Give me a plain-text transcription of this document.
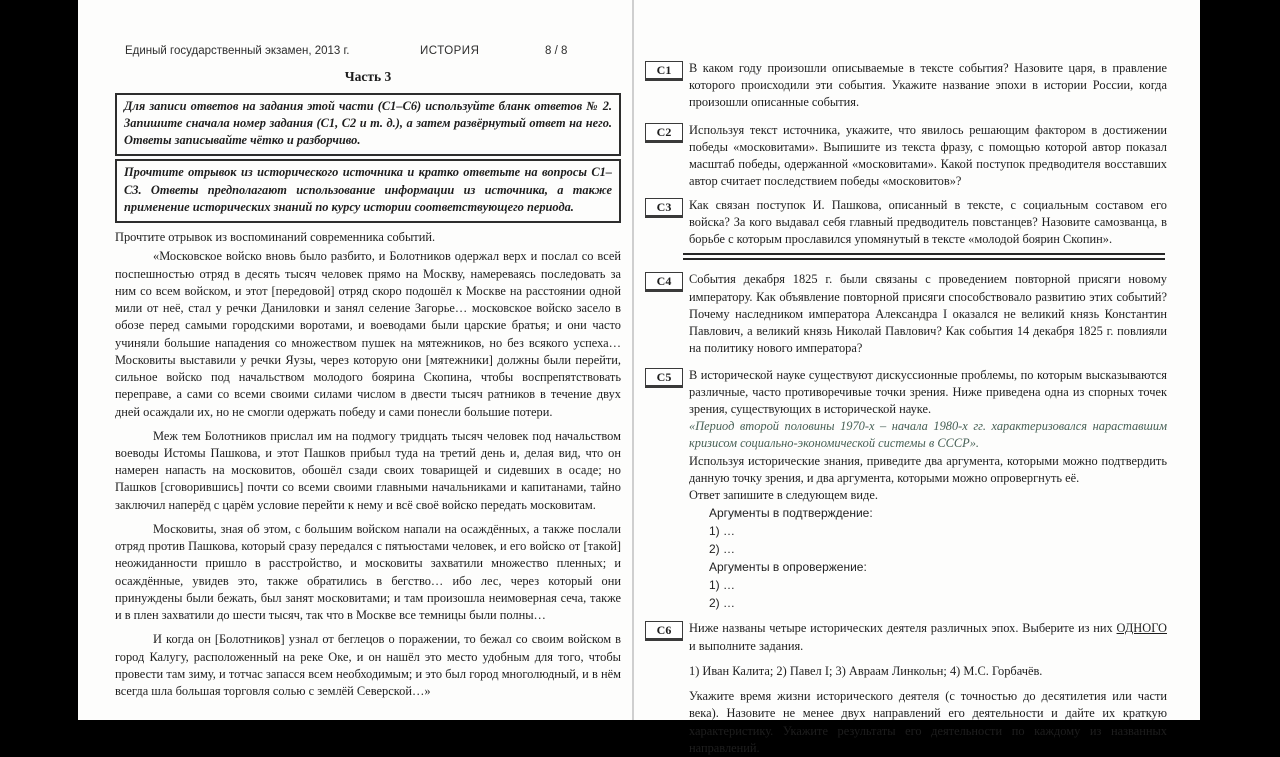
Единый государственный экзамен, 2013 г.	ИСТОРИЯ	8 / 8
Часть 3
Для записи ответов на задания этой части (C1–C6) используйте бланк ответов № 2. Запишите сначала номер задания (C1, C2 и т. д.), а затем развёрнутый ответ на него. Ответы записывайте чётко и разборчиво.
Прочтите отрывок из исторического источника и кратко ответьте на вопросы C1–C3. Ответы предполагают использование информации из источника, а также применение исторических знаний по курсу истории соответствующего периода.

Прочтите отрывок из воспоминаний современника событий.

«Московское войско вновь было разбито, и Болотников одержал верх и послал со всей поспешностью отряд в десять тысяч человек прямо на Москву, намереваясь последовать за ним со всем войском, и этот [передовой] отряд скоро подошёл к Москве на расстоянии одной мили от неё, стал у речки Даниловки и занял селение Загорье… московское войско засело в обозе перед самыми городскими воротами, и воеводами были царские братья; и они часто учиняли большие нападения со множеством пушек на мятежников, но без всякого успеха… Московиты выставили у речки Яузы, через которую они [мятежники] должны были перейти, сильное войско под начальством молодого боярина Скопина, чтобы воспрепятствовать переправе, а сами со всеми своими силами числом в двести тысяч ратников в течение двух дней осаждали их, но не смогли одержать победу и сами понесли большие потери.

Меж тем Болотников прислал им на подмогу тридцать тысяч человек под начальством воеводы Истомы Пашкова, и этот Пашков прибыл туда на третий день и, делая вид, что он намерен напасть на московитов, обошёл сзади своих товарищей и сидевших в осаде; но Пашков [сговорившись] почти со всеми своими главными начальниками и капитанами, тайно заключил наперёд с царём условие перейти к нему и всё своё войско передать московитам.

Московиты, зная об этом, с большим войском напали на осаждённых, а также послали отряд против Пашкова, который сразу передался с пятьюстами человек, и его войско от [такой] неожиданности пришло в расстройство, и московиты захватили множество пленных; и осаждённые, увидев это, также обратились в бегство… ибо лес, через который они принуждены были бежать, был занят московитами; и там произошла неимоверная сеча, также и в плен захватили до шести тысяч, так что в Москве все темницы были полны…

И когда он [Болотников] узнал от беглецов о поражении, то бежал со своим войском в город Калугу, расположенный на реке Оке, и он нашёл это место удобным для того, чтобы провести там зиму, и тотчас запасся всем необходимым; и это был город многолюдный, и в нём всегда шла большая торговля солью с землёй Северской…»

C1	В каком году произошли описываемые в тексте события? Назовите царя, в правление которого происходили эти события. Укажите название эпохи в истории России, когда произошли описанные события.
C2	Используя текст источника, укажите, что явилось решающим фактором в достижении победы «московитами». Выпишите из текста фразу, с помощью которой автор показал масштаб победы, одержанной «московитами». Какой поступок предводителя восставших автор считает последствием победы «московитов»?
C3	Как связан поступок И. Пашкова, описанный в тексте, с социальным составом его войска? За кого выдавал себя главный предводитель повстанцев? Назовите самозванца, в борьбе с которым прославился упомянутый в тексте «молодой боярин Скопин».
C4	События декабря 1825 г. были связаны с проведением повторной присяги новому императору. Как объявление повторной присяги способствовало развитию этих событий? Почему наследником императора Александра I оказался не великий князь Константин Павлович, а великий князь Николай Павлович? Как события 14 декабря 1825 г. повлияли на политику нового императора?
C5	В исторической науке существуют дискуссионные проблемы, по которым высказываются различные, часто противоречивые точки зрения. Ниже приведена одна из спорных точек зрения, существующих в исторической науке.

«Период второй половины 1970-х – начала 1980-х гг. характеризовался нараставшим кризисом социально-экономической системы в СССР».

Используя исторические знания, приведите два аргумента, которыми можно подтвердить данную точку зрения, и два аргумента, которыми можно опровергнуть её.

Ответ запишите в следующем виде.

Аргументы в подтверждение:
1) …
2) …
Аргументы в опровержение:
1) …
2) …
C6	Ниже названы четыре исторических деятеля различных эпох. Выберите из них ОДНОГО и выполните задания.

1) Иван Калита; 2) Павел I; 3) Авраам Линкольн; 4) М.С. Горбачёв.

Укажите время жизни исторического деятеля (с точностью до десятилетия или части века). Назовите не менее двух направлений его деятельности и дайте их краткую характеристику. Укажите результаты его деятельности по каждому из названных направлений.
